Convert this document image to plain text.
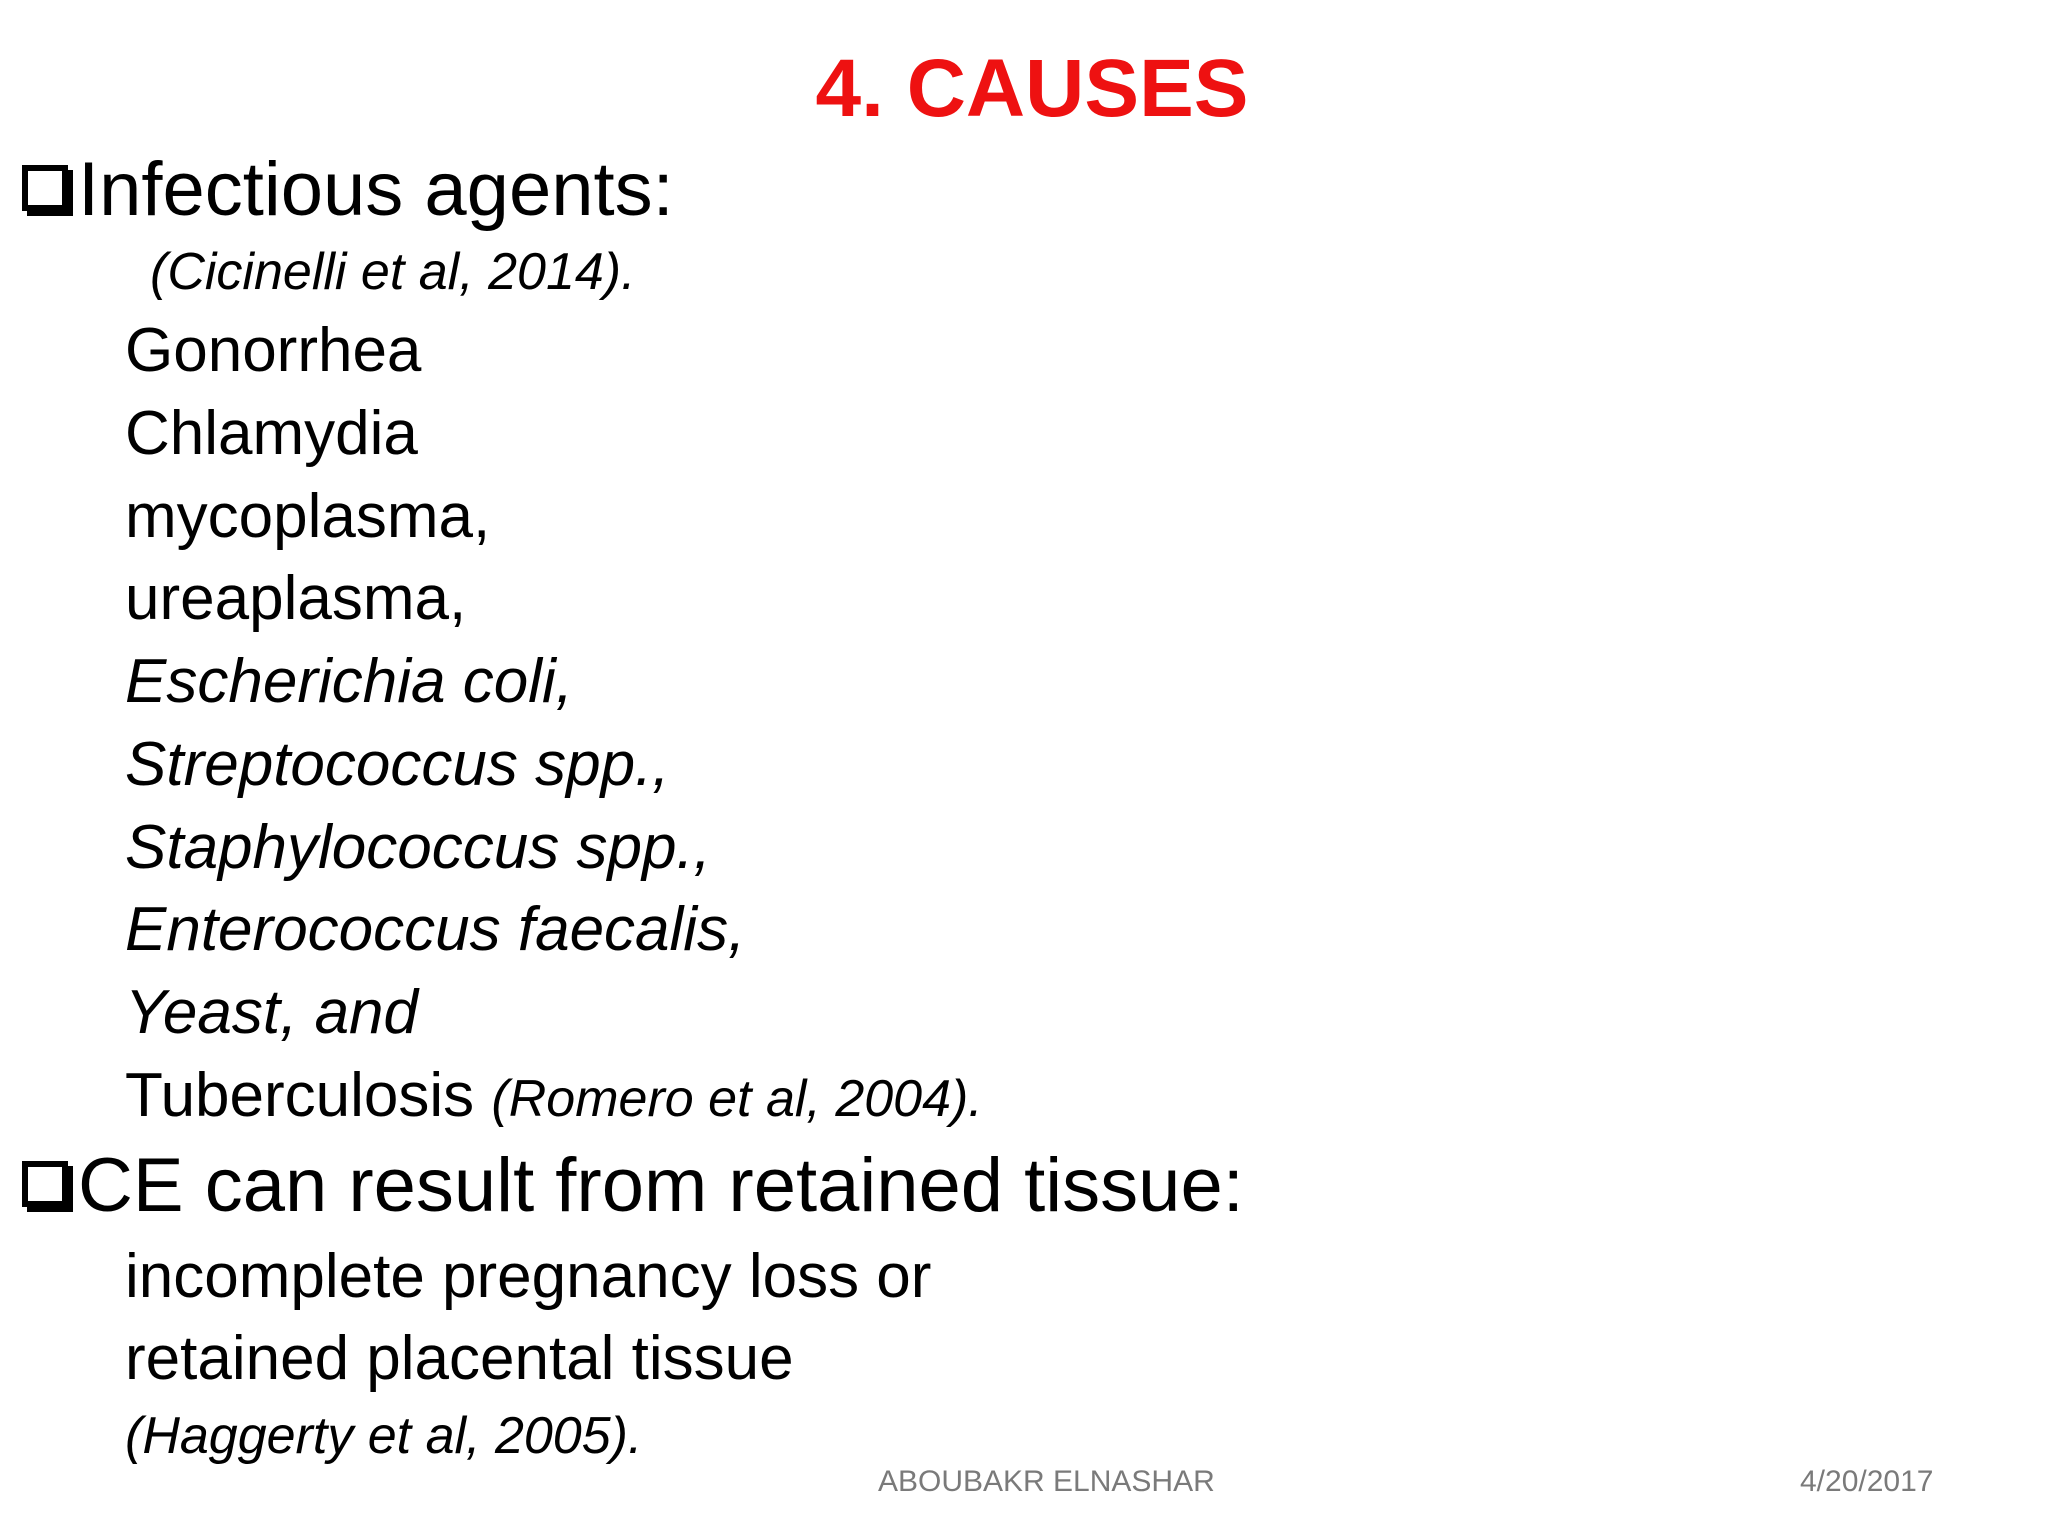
4. CAUSES
Infectious agents:
(Cicinelli et al, 2014).
Gonorrhea
Chlamydia
mycoplasma,
ureaplasma,
Escherichia coli,
Streptococcus spp.,
Staphylococcus spp.,
Enterococcus faecalis,
Yeast, and
Tuberculosis (Romero et al, 2004).
CE can result from retained tissue:
incomplete pregnancy loss or
retained placental tissue
(Haggerty et al, 2005).
ABOUBAKR ELNASHAR	4/20/2017
